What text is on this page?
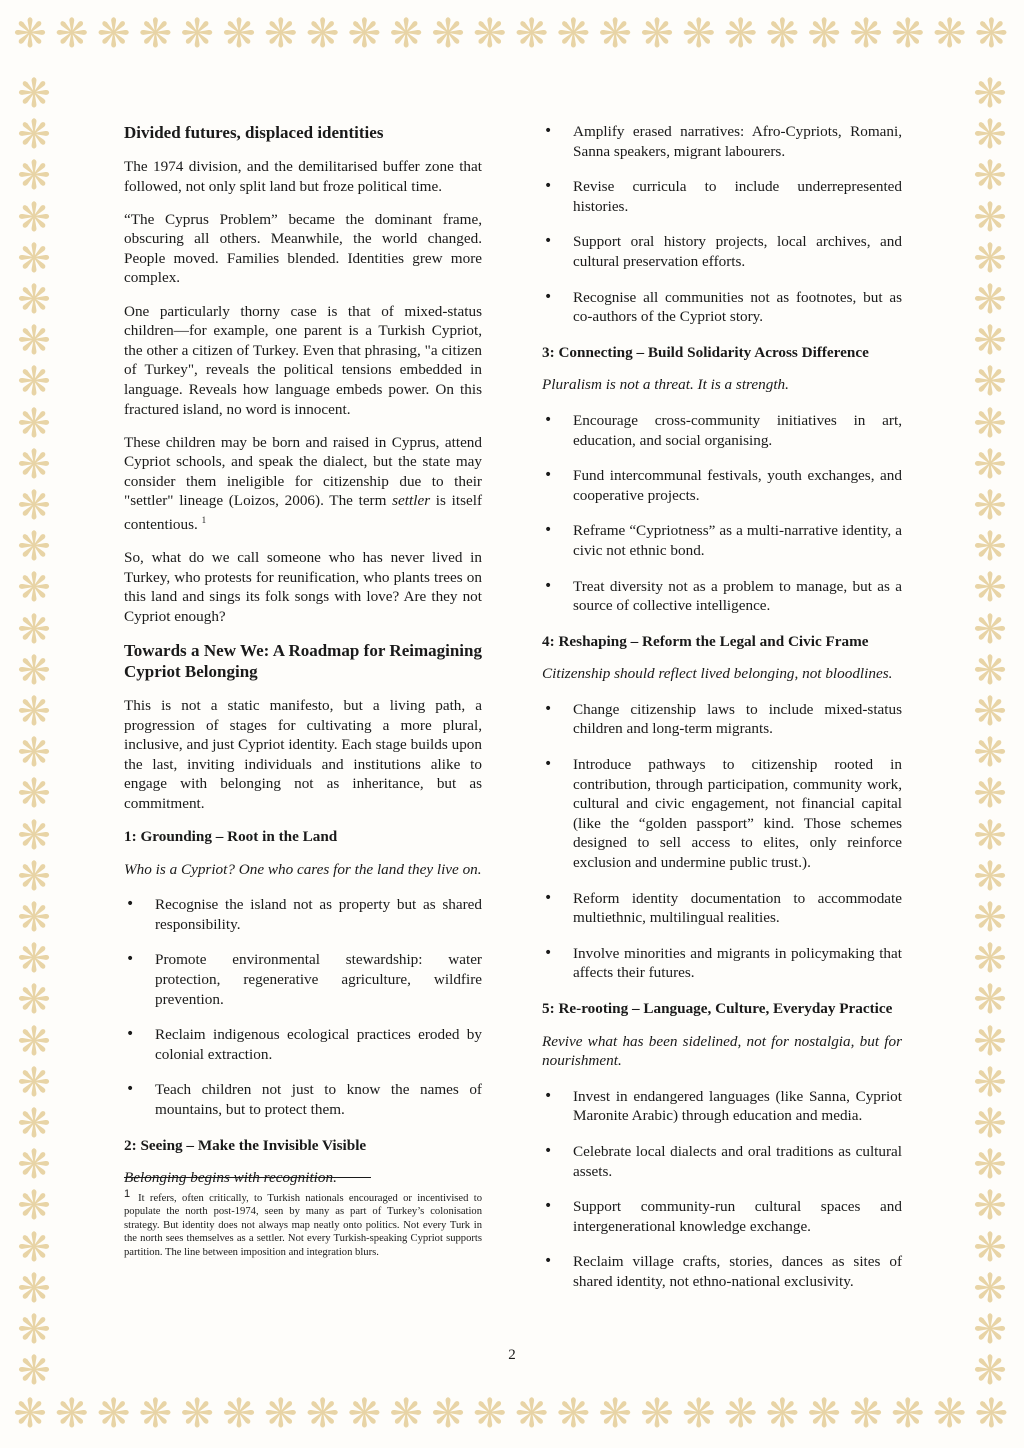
❋ ❋ ❋ ❋ ❋ ❋ ❋ ❋ ❋ ❋ ❋ ❋ ❋ ❋ ❋ ❋ ❋ ❋ ❋ ❋ ❋ ❋ ❋ ❋
❋ ❋ ❋ ❋ ❋ ❋ ❋ ❋ ❋ ❋ ❋ ❋ ❋ ❋ ❋ ❋ ❋ ❋ ❋ ❋ ❋ ❋ ❋ ❋
❋
❋
❋
❋
❋
❋
❋
❋
❋
❋
❋
❋
❋
❋
❋
❋
❋
❋
❋
❋
❋
❋
❋
❋
❋
❋
❋
❋
❋
❋
❋
❋
❋
❋
❋
❋
❋
❋
❋
❋
❋
❋
❋
❋
❋
❋
❋
❋
❋
❋
❋
❋
❋
❋
❋
❋
❋
❋
❋
❋
❋
❋
❋
❋
Divided futures, displaced identities

The 1974 division, and the demilitarised buffer zone that followed, not only split land but froze political time.

“The Cyprus Problem” became the dominant frame, obscuring all others. Meanwhile, the world changed. People moved. Families blended. Identities grew more complex.

One particularly thorny case is that of mixed-status children—for example, one parent is a Turkish Cypriot, the other a citizen of Turkey. Even that phrasing, "a citizen of Turkey", reveals the political tensions embedded in language. Reveals how language embeds power. On this fractured island, no word is innocent.

These children may be born and raised in Cyprus, attend Cypriot schools, and speak the dialect, but the state may consider them ineligible for citizenship due to their "settler" lineage (Loizos, 2006). The term settler is itself contentious. $^1$

So, what do we call someone who has never lived in Turkey, who protests for reunification, who plants trees on this land and sings its folk songs with love? Are they not Cypriot enough?

Towards a New We: A Roadmap for Reimagining Cypriot Belonging

This is not a static manifesto, but a living path, a progression of stages for cultivating a more plural, inclusive, and just Cypriot identity. Each stage builds upon the last, inviting individuals and institutions alike to engage with belonging not as inheritance, but as commitment.

1: Grounding – Root in the Land

Who is a Cypriot? One who cares for the land they live on.

• Recognise the island not as property but as shared responsibility.
• Promote environmental stewardship: water protection, regenerative agriculture, wildfire prevention.
• Reclaim indigenous ecological practices eroded by colonial extraction.
• Teach children not just to know the names of mountains, but to protect them.
2: Seeing – Make the Invisible Visible

Belonging begins with recognition.

1 It refers, often critically, to Turkish nationals encouraged or incentivised to populate the north post-1974, seen by many as part of Turkey’s colonisation strategy. But identity does not always map neatly onto politics. Not every Turk in the north sees themselves as a settler. Not every Turkish-speaking Cypriot supports partition. The line between imposition and integration blurs.
• Amplify erased narratives: Afro-Cypriots, Romani, Sanna speakers, migrant labourers.
• Revise curricula to include underrepresented histories.
• Support oral history projects, local archives, and cultural preservation efforts.
• Recognise all communities not as footnotes, but as co-authors of the Cypriot story.
3: Connecting – Build Solidarity Across Difference

Pluralism is not a threat. It is a strength.

• Encourage cross-community initiatives in art, education, and social organising.
• Fund intercommunal festivals, youth exchanges, and cooperative projects.
• Reframe “Cypriotness” as a multi-narrative identity, a civic not ethnic bond.
• Treat diversity not as a problem to manage, but as a source of collective intelligence.
4: Reshaping – Reform the Legal and Civic Frame

Citizenship should reflect lived belonging, not bloodlines.

• Change citizenship laws to include mixed-status children and long-term migrants.
• Introduce pathways to citizenship rooted in contribution, through participation, community work, cultural and civic engagement, not financial capital (like the “golden passport” kind. Those schemes designed to sell access to elites, only reinforce exclusion and undermine public trust.).
• Reform identity documentation to accommodate multiethnic, multilingual realities.
• Involve minorities and migrants in policymaking that affects their futures.
5: Re-rooting – Language, Culture, Everyday Practice

Revive what has been sidelined, not for nostalgia, but for nourishment.

• Invest in endangered languages (like Sanna, Cypriot Maronite Arabic) through education and media.
• Celebrate local dialects and oral traditions as cultural assets.
• Support community-run cultural spaces and intergenerational knowledge exchange.
• Reclaim village crafts, stories, dances as sites of shared identity, not ethno-national exclusivity.
2
